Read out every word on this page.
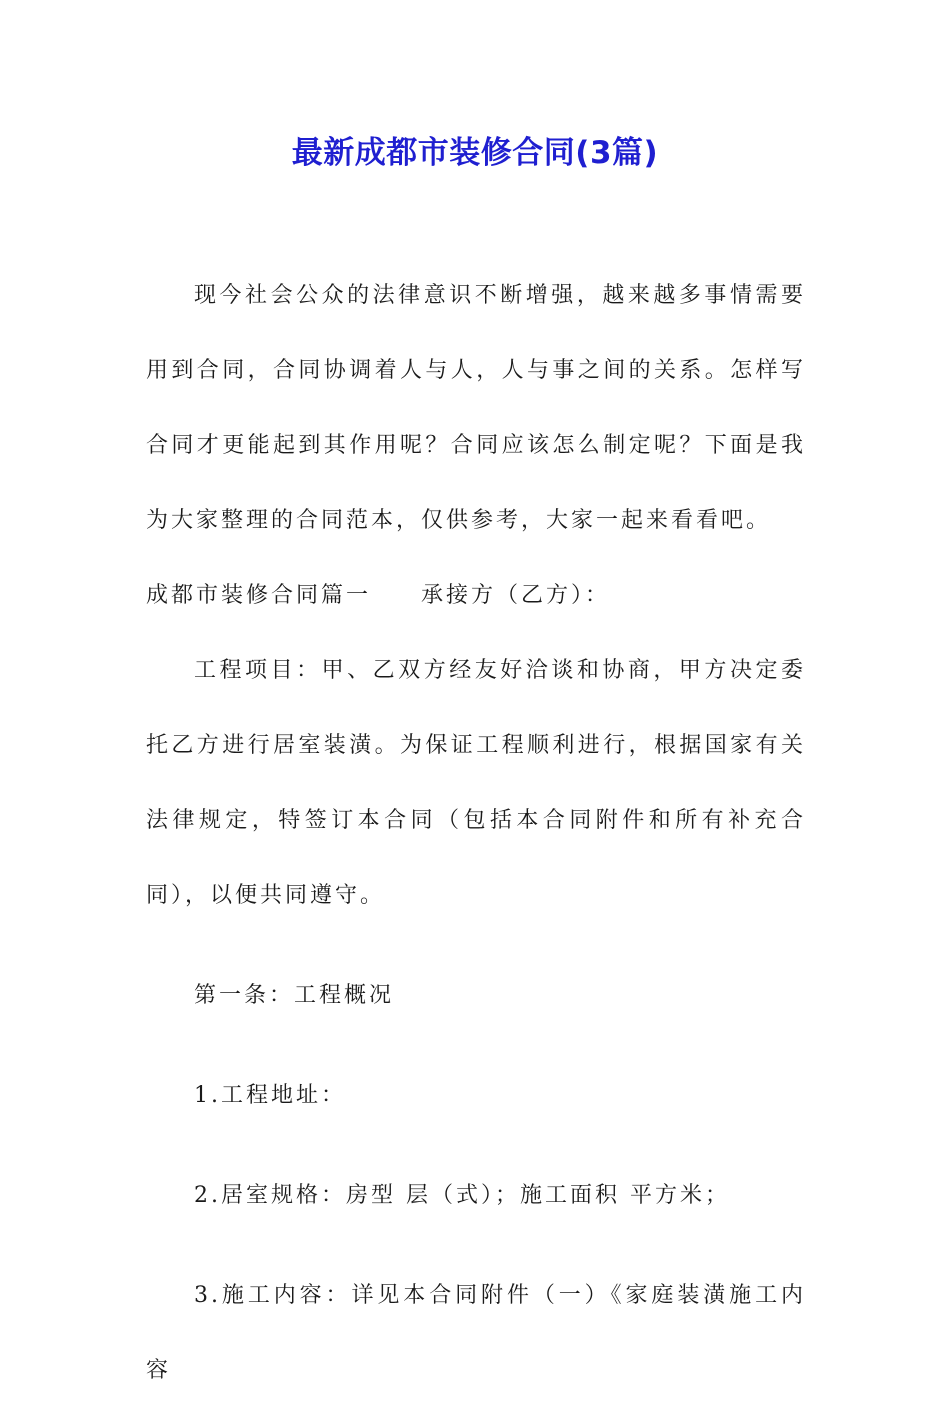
最新成都市装修合同(3篇)

现今社会公众的法律意识不断增强，越来越多事情需要用到合同，合同协调着人与人，人与事之间的关系。怎样写合同才更能起到其作用呢？合同应该怎么制定呢？下面是我为大家整理的合同范本，仅供参考，大家一起来看看吧。

成都市装修合同篇一　　承接方（乙方）：

工程项目：甲、乙双方经友好洽谈和协商，甲方决定委托乙方进行居室装潢。为保证工程顺利进行，根据国家有关法律规定，特签订本合同（包括本合同附件和所有补充合同），以便共同遵守。

第一条：工程概况

1.工程地址：

2.居室规格：房型 层（式）；施工面积 平方米；

3.施工内容：详见本合同附件（一）《家庭装潢施工内容
